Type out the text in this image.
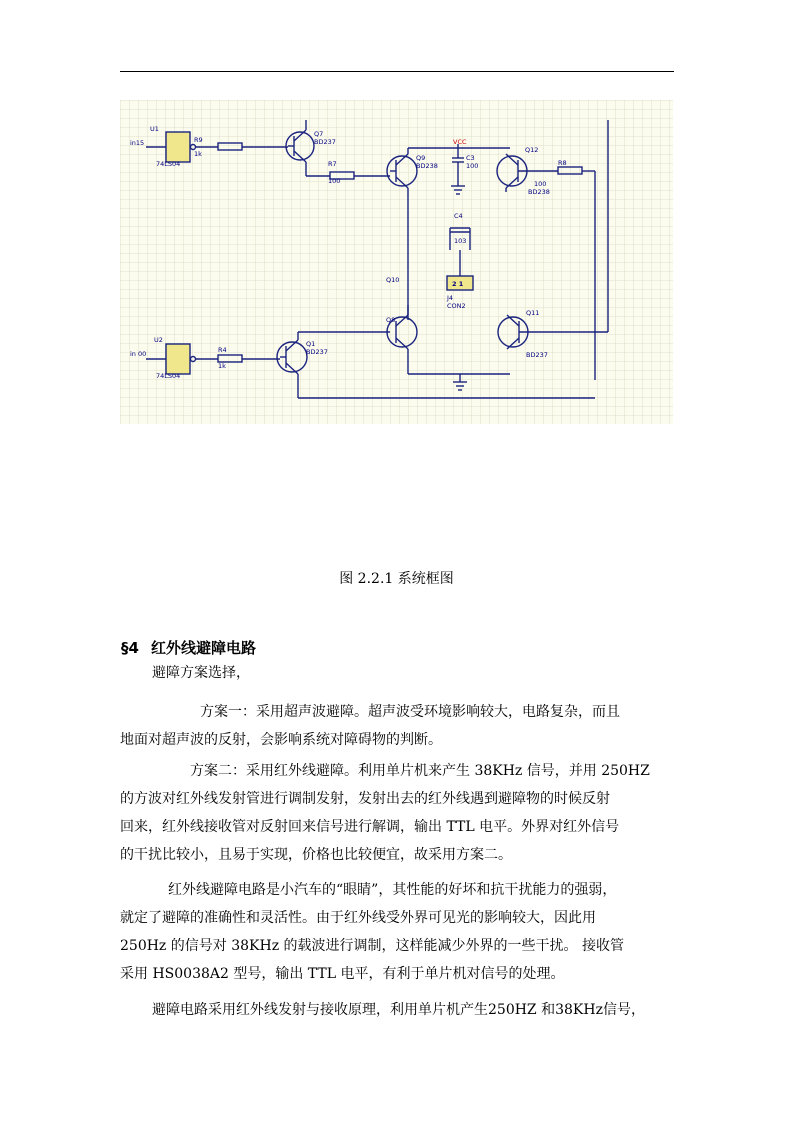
U1
74LS04
in15	R9
1k
Q7
BD237
R7
100
Q9
BD238
VCC
C3
100
Q12
R8
BD238
100
C4
103
2 1
J4
CON2
Q10
Q8
Q11
BD237
U2
74LS04
in 00	R4
1k
Q1
BD237
图 2.2.1 系统框图
§4 红外线避障电路
避障方案选择，
方案一：采用超声波避障。超声波受环境影响较大，电路复杂，而且
地面对超声波的反射，会影响系统对障碍物的判断。
方案二：采用红外线避障。利用单片机来产生 38KHz 信号，并用 250HZ
的方波对红外线发射管进行调制发射，发射出去的红外线遇到避障物的时候反射
回来，红外线接收管对反射回来信号进行解调，输出 TTL 电平。外界对红外信号
的干扰比较小，且易于实现，价格也比较便宜，故采用方案二。
红外线避障电路是小汽车的“眼睛”，其性能的好坏和抗干扰能力的强弱，
就定了避障的准确性和灵活性。由于红外线受外界可见光的影响较大，因此用
250Hz 的信号对 38KHz 的载波进行调制，这样能减少外界的一些干扰。 接收管
采用 HS0038A2 型号，输出 TTL 电平，有利于单片机对信号的处理。
避障电路采用红外线发射与接收原理，利用单片机产生250HZ 和38KHz信号，
